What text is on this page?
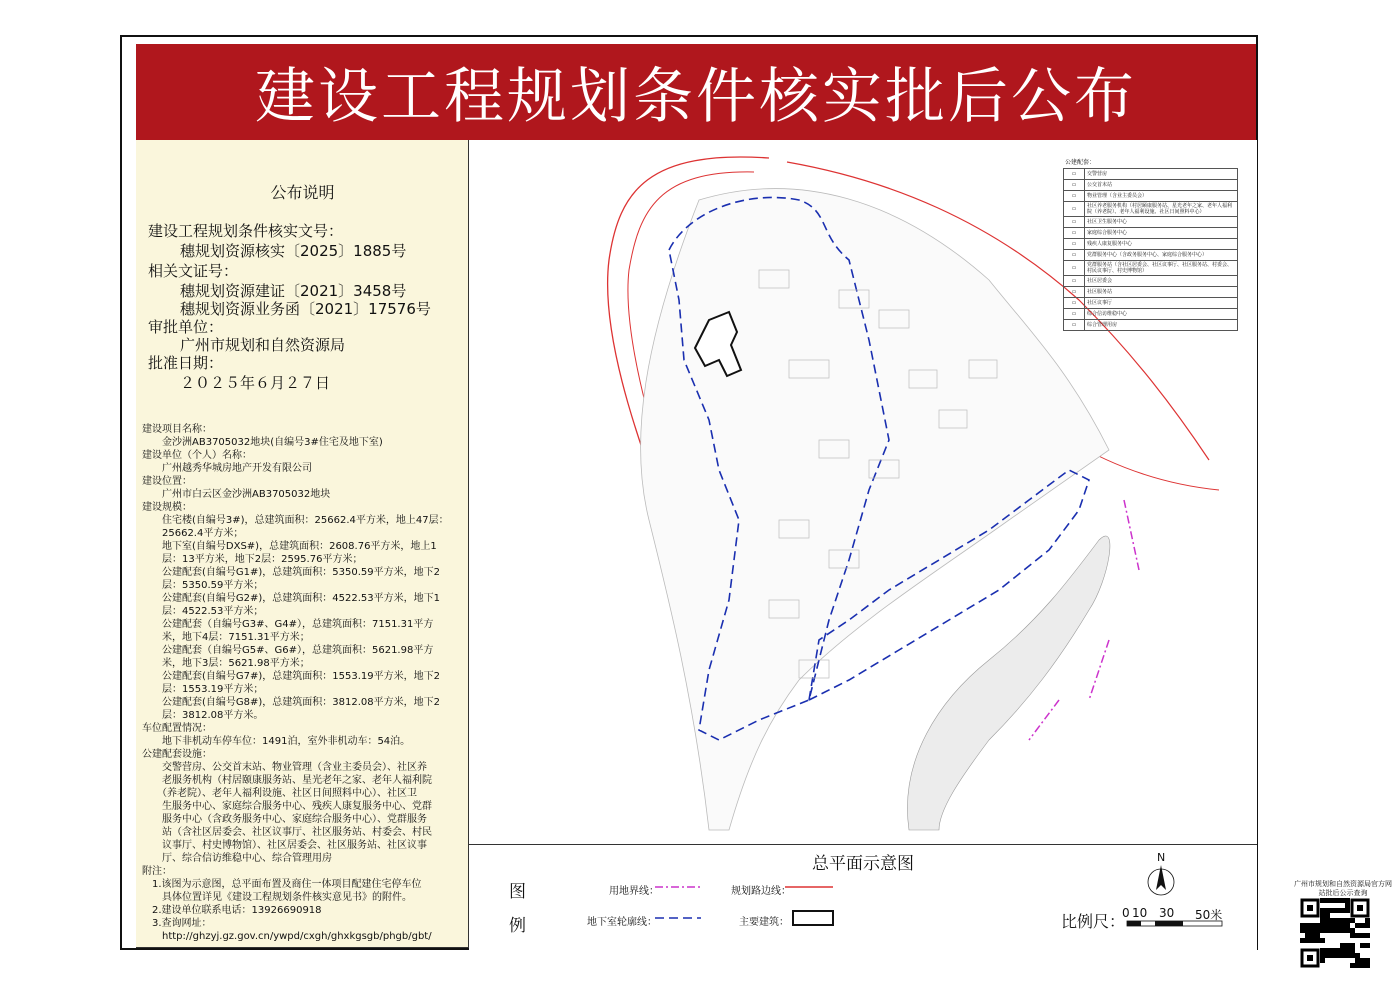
建设工程规划条件核实批后公布
公布说明
建设工程规划条件核实文号：
穗规划资源核实〔2025〕1885号
相关文证号：
穗规划资源建证〔2021〕3458号
穗规划资源业务函〔2021〕17576号
审批单位：
广州市规划和自然资源局
批准日期：
２０２５年６月２７日
建设项目名称：
　　金沙洲AB3705032地块(自编号3#住宅及地下室)
建设单位（个人）名称：
　　广州越秀华城房地产开发有限公司
建设位置：
　　广州市白云区金沙洲AB3705032地块
建设规模：
　　住宅楼(自编号3#)，总建筑面积：25662.4平方米，地上47层：
　　25662.4平方米；
　　地下室(自编号DXS#)，总建筑面积：2608.76平方米，地上1
　　层：13平方米，地下2层：2595.76平方米；
　　公建配套(自编号G1#)，总建筑面积：5350.59平方米，地下2
　　层：5350.59平方米；
　　公建配套(自编号G2#)，总建筑面积：4522.53平方米，地下1
　　层：4522.53平方米；
　　公建配套（自编号G3#、G4#），总建筑面积：7151.31平方
　　米，地下4层：7151.31平方米；
　　公建配套（自编号G5#、G6#），总建筑面积：5621.98平方
　　米，地下3层：5621.98平方米；
　　公建配套(自编号G7#)，总建筑面积：1553.19平方米，地下2
　　层：1553.19平方米；
　　公建配套(自编号G8#)，总建筑面积：3812.08平方米，地下2
　　层：3812.08平方米。
车位配置情况：
　　地下非机动车停车位：1491泊，室外非机动车：54泊。
公建配套设施：
　　交警营房、公交首末站、物业管理（含业主委员会）、社区养
　　老服务机构（村居颐康服务站、星光老年之家、老年人福利院
　　（养老院）、老年人福利设施、社区日间照料中心）、社区卫
　　生服务中心、家庭综合服务中心、残疾人康复服务中心、党群
　　服务中心（含政务服务中心、家庭综合服务中心）、党群服务
　　站（含社区居委会、社区议事厅、社区服务站、村委会、村民
　　议事厅、村史博物馆）、社区居委会、社区服务站、社区议事
　　厅、综合信访维稳中心、综合管理用房
附注：
　1.该图为示意图，总平面布置及商住一体项目配建住宅停车位
　　具体位置详见《建设工程规划条件核实意见书》的附件。
　2.建设单位联系电话：13926690918
　3.查询网址：
　　http://ghzyj.gz.gov.cn/ywpd/cxgh/ghxkgsgb/phgb/gbt/
公建配套：
▭	交警营房
▭	公交首末站
▭	物业管理（含业主委员会）
▭	社区养老服务机构（村居颐康服务站、星光老年之家、老年人福利院（养老院）、老年人福利设施、社区日间照料中心）
▭	社区卫生服务中心
▭	家庭综合服务中心
▭	残疾人康复服务中心
▭	党群服务中心（含政务服务中心、家庭综合服务中心）
▭	党群服务站（含社区居委会、社区议事厅、社区服务站、村委会、村民议事厅、村史博物馆）
▭	社区居委会
▭	社区服务站
▭	社区议事厅
▭	综合信访维稳中心
▭	综合管理用房
总平面示意图
图
例
用地界线：	规划路边线：
地下室轮廓线：	主要建筑：
N
比例尺：
0 10 30 50米
广州市规划和自然资源局官方网站批后公示查询
